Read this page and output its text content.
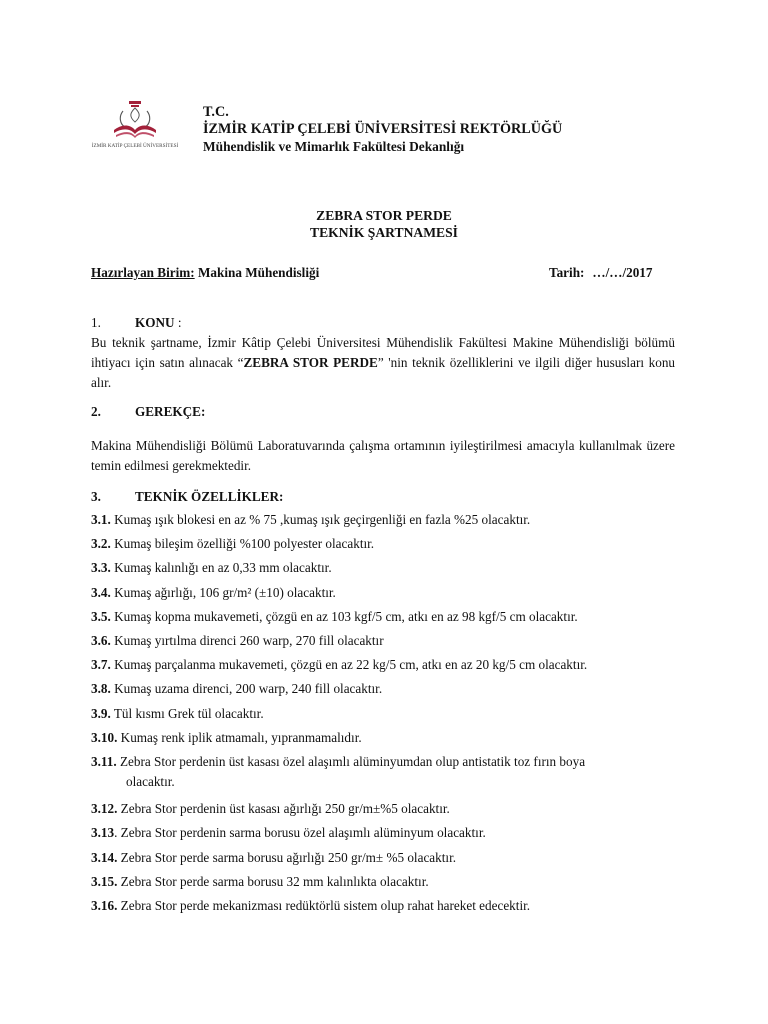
İZMİR KATİP ÇELEBİ ÜNİVERSİTESİ
T.C.
İZMİR KATİP ÇELEBİ ÜNİVERSİTESİ REKTÖRLÜĞÜ
Mühendislik ve Mimarlık Fakültesi Dekanlığı
ZEBRA STOR PERDE
TEKNİK ŞARTNAMESİ
Hazırlayan Birim: Makina Mühendisliği	Tarih: …/…/2017
1.	KONU :
Bu teknik şartname, İzmir Kâtip Çelebi Üniversitesi Mühendislik Fakültesi Makine Mühendisliği bölümü ihtiyacı için satın alınacak “ZEBRA STOR PERDE” 'nin teknik özelliklerini ve ilgili diğer hususları konu alır.
2.	GEREKÇE:
Makina Mühendisliği Bölümü Laboratuvarında çalışma ortamının iyileştirilmesi amacıyla kullanılmak üzere temin edilmesi gerekmektedir.
3.	TEKNİK ÖZELLİKLER:
3.1. Kumaş ışık blokesi en az % 75 ,kumaş ışık geçirgenliği en fazla %25 olacaktır.
3.2. Kumaş bileşim özelliği %100 polyester olacaktır.
3.3. Kumaş kalınlığı en az 0,33 mm olacaktır.
3.4. Kumaş ağırlığı, 106 gr/m² (±10) olacaktır.
3.5. Kumaş kopma mukavemeti, çözgü en az 103 kgf/5 cm, atkı en az 98 kgf/5 cm olacaktır.
3.6. Kumaş yırtılma direnci 260 warp, 270 fill olacaktır
3.7. Kumaş parçalanma mukavemeti, çözgü en az 22 kg/5 cm, atkı en az 20 kg/5 cm olacaktır.
3.8. Kumaş uzama direnci, 200 warp, 240 fill olacaktır.
3.9. Tül kısmı Grek tül olacaktır.
3.10. Kumaş renk iplik atmamalı, yıpranmamalıdır.
3.11. Zebra Stor perdenin üst kasası özel alaşımlı alüminyumdan olup antistatik toz fırın boya
olacaktır.
3.12. Zebra Stor perdenin üst kasası ağırlığı 250 gr/m±%5 olacaktır.
3.13. Zebra Stor perdenin sarma borusu özel alaşımlı alüminyum olacaktır.
3.14. Zebra Stor perde sarma borusu ağırlığı 250 gr/m± %5 olacaktır.
3.15. Zebra Stor perde sarma borusu 32 mm kalınlıkta olacaktır.
3.16. Zebra Stor perde mekanizması redüktörlü sistem olup rahat hareket edecektir.
